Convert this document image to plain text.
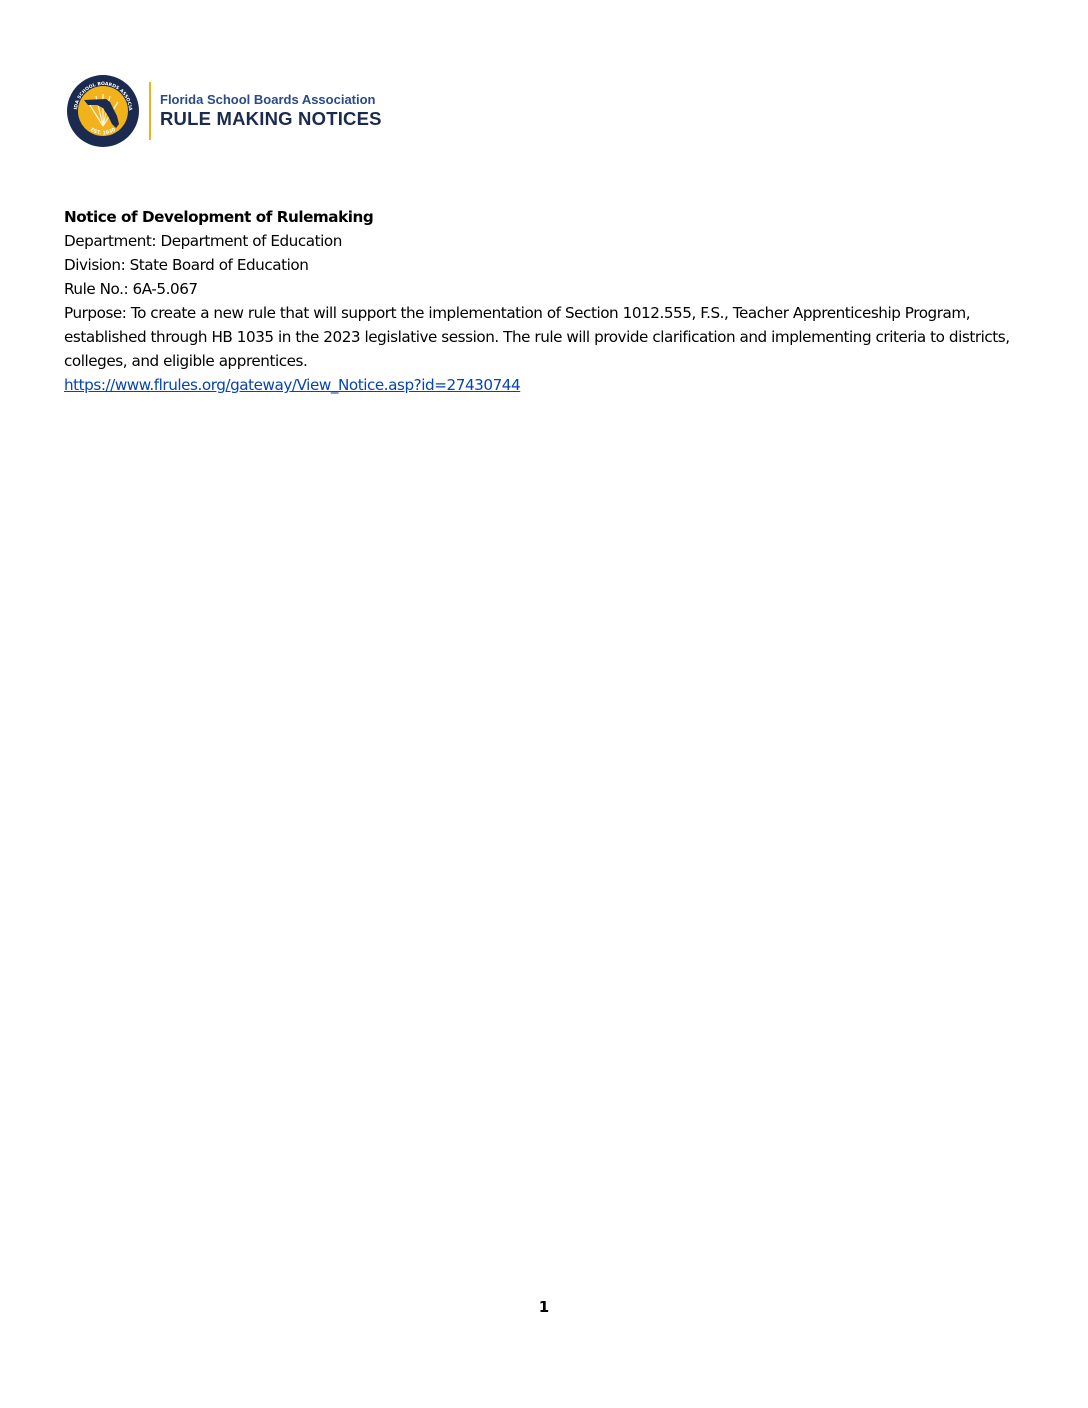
IDA SCHOOL BOARDS ASSOCIA
EST. 1930
Florida School Boards Association
RULE MAKING NOTICES
Notice of Development of Rulemaking
Department: Department of Education
Division: State Board of Education
Rule No.: 6A-5.067
Purpose: To create a new rule that will support the implementation of Section 1012.555, F.S., Teacher Apprenticeship Program, established through HB 1035 in the 2023 legislative session. The rule will provide clarification and implementing criteria to districts, colleges, and eligible apprentices.
https://www.flrules.org/gateway/View_Notice.asp?id=27430744
1
